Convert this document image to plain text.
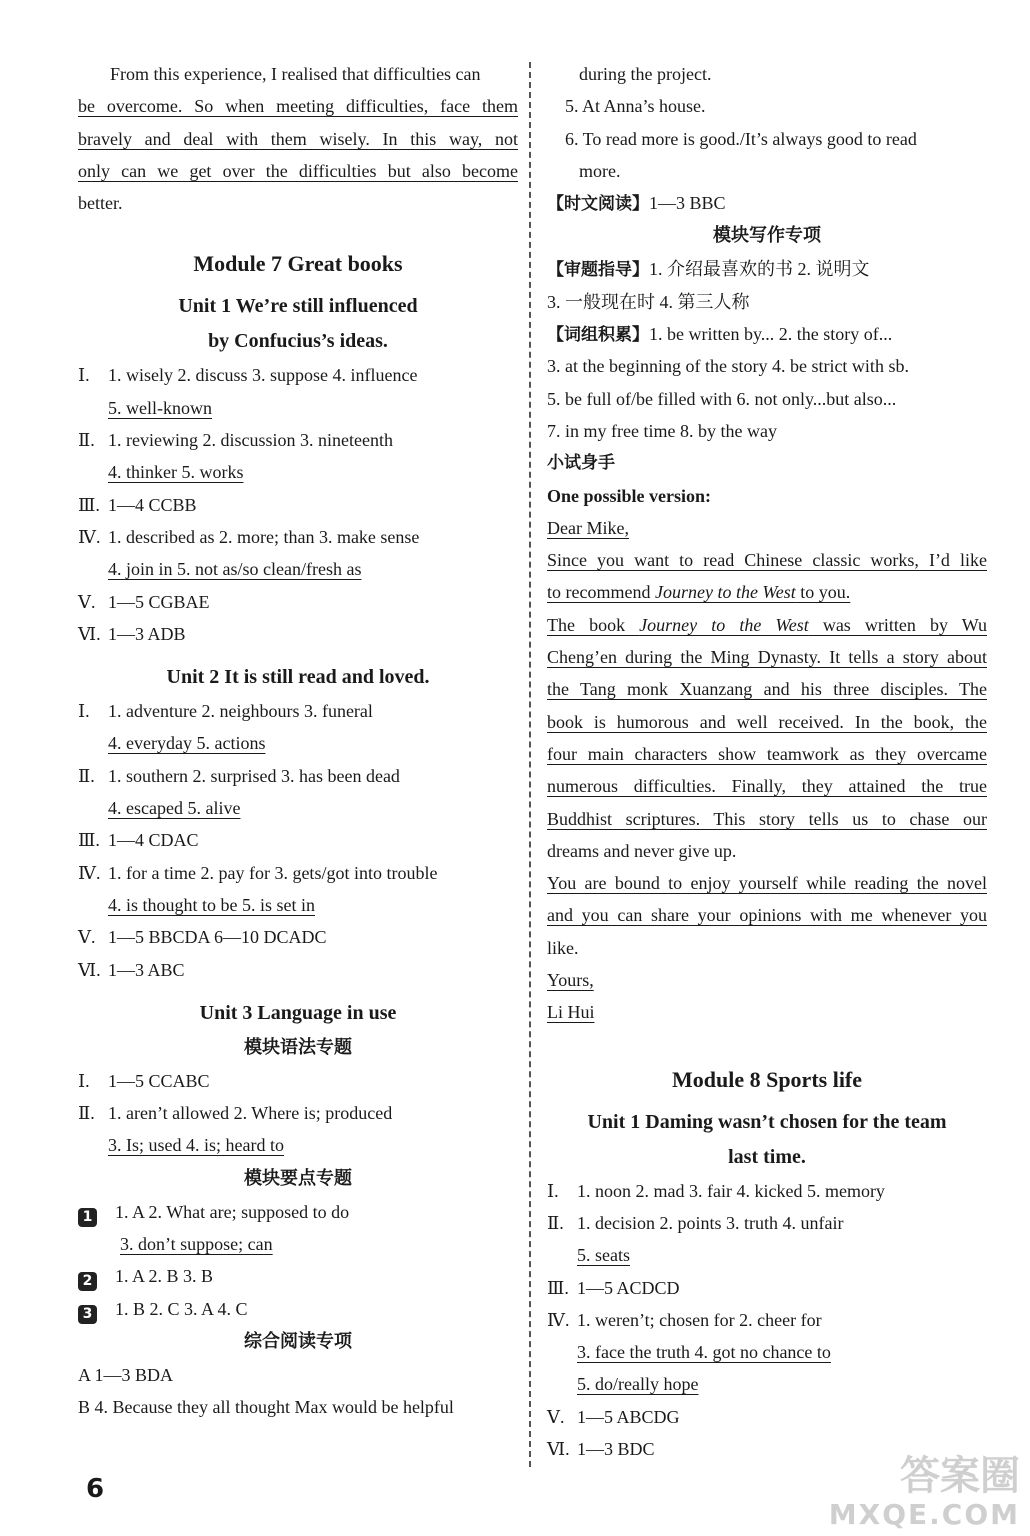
From this experience, I realised that difficulties can
be overcome. So when meeting difficulties, face them
bravely and deal with them wisely. In this way, not
only can we get over the difficulties but also become
better.
Module 7 Great books
Unit 1 We’re still influenced
by Confucius’s ideas.
Ⅰ. 1. wisely 2. discuss 3. suppose 4. influence
5. well-known
Ⅱ. 1. reviewing 2. discussion 3. nineteenth
4. thinker 5. works
Ⅲ. 1—4 CCBB
Ⅳ. 1. described as 2. more; than 3. make sense
4. join in 5. not as/so clean/fresh as
Ⅴ. 1—5 CGBAE
Ⅵ. 1—3 ADB
Unit 2 It is still read and loved.
Ⅰ. 1. adventure 2. neighbours 3. funeral
4. everyday 5. actions
Ⅱ. 1. southern 2. surprised 3. has been dead
4. escaped 5. alive
Ⅲ. 1—4 CDAC
Ⅳ. 1. for a time 2. pay for 3. gets/got into trouble
4. is thought to be 5. is set in
Ⅴ. 1—5 BBCDA 6—10 DCADC
Ⅵ. 1—3 ABC
Unit 3 Language in use
模块语法专题
Ⅰ. 1—5 CCABC
Ⅱ. 1. aren’t allowed 2. Where is; produced
3. Is; used 4. is; heard to
模块要点专题
1 1. A 2. What are; supposed to do
3. don’t suppose; can
2 1. A 2. B 3. B
3 1. B 2. C 3. A 4. C
综合阅读专项
A 1—3 BDA
B 4. Because they all thought Max would be helpful
during the project.
5. At Anna’s house.
6. To read more is good./It’s always good to read
more.
【时文阅读】1—3 BBC
模块写作专项
【审题指导】1. 介绍最喜欢的书 2. 说明文
3. 一般现在时 4. 第三人称
【词组积累】1. be written by... 2. the story of...
3. at the beginning of the story 4. be strict with sb.
5. be full of/be filled with 6. not only...but also...
7. in my free time 8. by the way
小试身手
One possible version:
Dear Mike,
Since you want to read Chinese classic works, I’d like
to recommend Journey to the West to you.
The book Journey to the West was written by Wu
Cheng’en during the Ming Dynasty. It tells a story about
the Tang monk Xuanzang and his three disciples. The
book is humorous and well received. In the book, the
four main characters show teamwork as they overcame
numerous difficulties. Finally, they attained the true
Buddhist scriptures. This story tells us to chase our
dreams and never give up.
You are bound to enjoy yourself while reading the novel
and you can share your opinions with me whenever you
like.
Yours,
Li Hui
Module 8 Sports life
Unit 1 Daming wasn’t chosen for the team
last time.
Ⅰ. 1. noon 2. mad 3. fair 4. kicked 5. memory
Ⅱ. 1. decision 2. points 3. truth 4. unfair
5. seats
Ⅲ. 1—5 ACDCD
Ⅳ. 1. weren’t; chosen for 2. cheer for
3. face the truth 4. got no chance to
5. do/really hope
Ⅴ. 1—5 ABCDG
Ⅵ. 1—3 BDC
6	答案圈
MXQE.COM
